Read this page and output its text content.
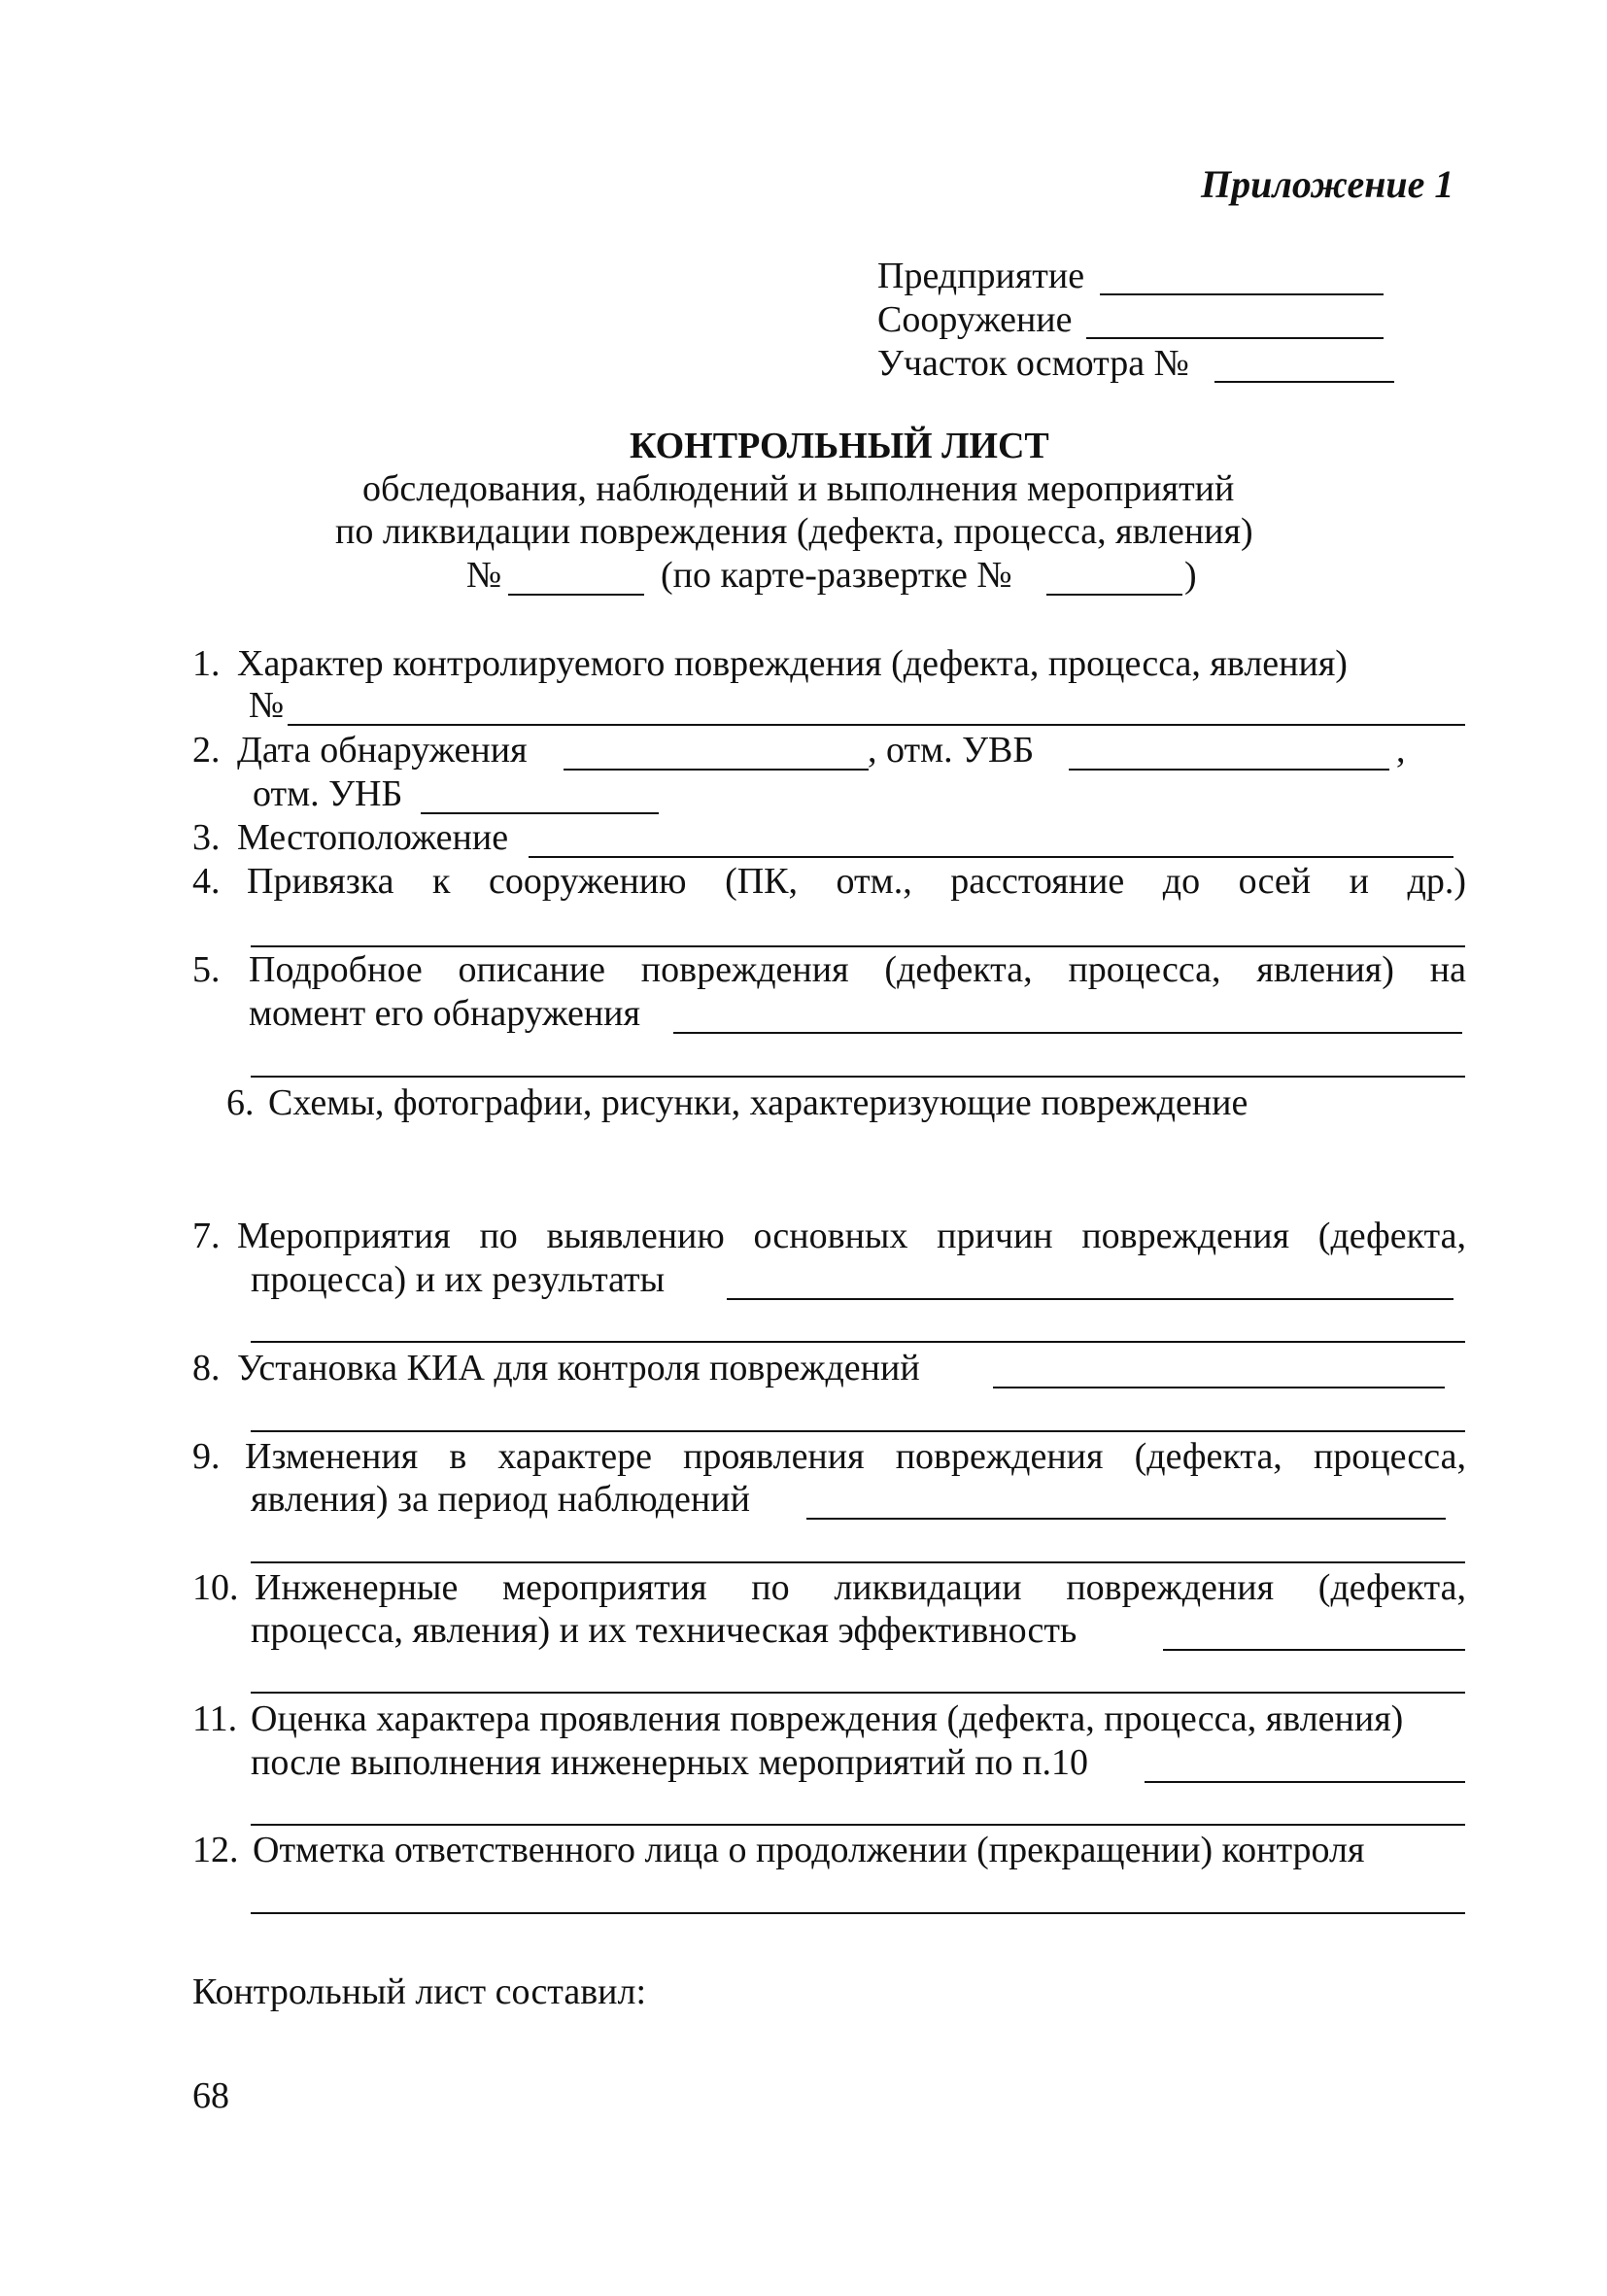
Приложение 1
Предприятие
Сооружение
Участок осмотра №
КОНТРОЛЬНЫЙ ЛИСТ
обследования, наблюдений и выполнения мероприятий
по ликвидации повреждения (дефекта, процесса, явления)
№	(по карте-развертке №	)
1. Характер контролируемого повреждения (дефекта, процесса, явления)
№
2. Дата обнаружения	, отм. УВБ	,
отм. УНБ
3. Местоположение
4. Привязка к сооружению (ПК, отм., расстояние до осей и др.)
5. Подробное описание повреждения (дефекта, процесса, явления) на
момент его обнаружения
6. Схемы, фотографии, рисунки, характеризующие повреждение
7. Мероприятия по выявлению основных причин повреждения (дефекта,
процесса) и их результаты
8. Установка КИА для контроля повреждений
9. Изменения в характере проявления повреждения (дефекта, процесса,
явления) за период наблюдений
10. Инженерные мероприятия по ликвидации повреждения (дефекта,
процесса, явления) и их техническая эффективность
11. Оценка характера проявления повреждения (дефекта, процесса, явления)
после выполнения инженерных мероприятий по п.10
12. Отметка ответственного лица о продолжении (прекращении) контроля
Контрольный лист составил:
68
